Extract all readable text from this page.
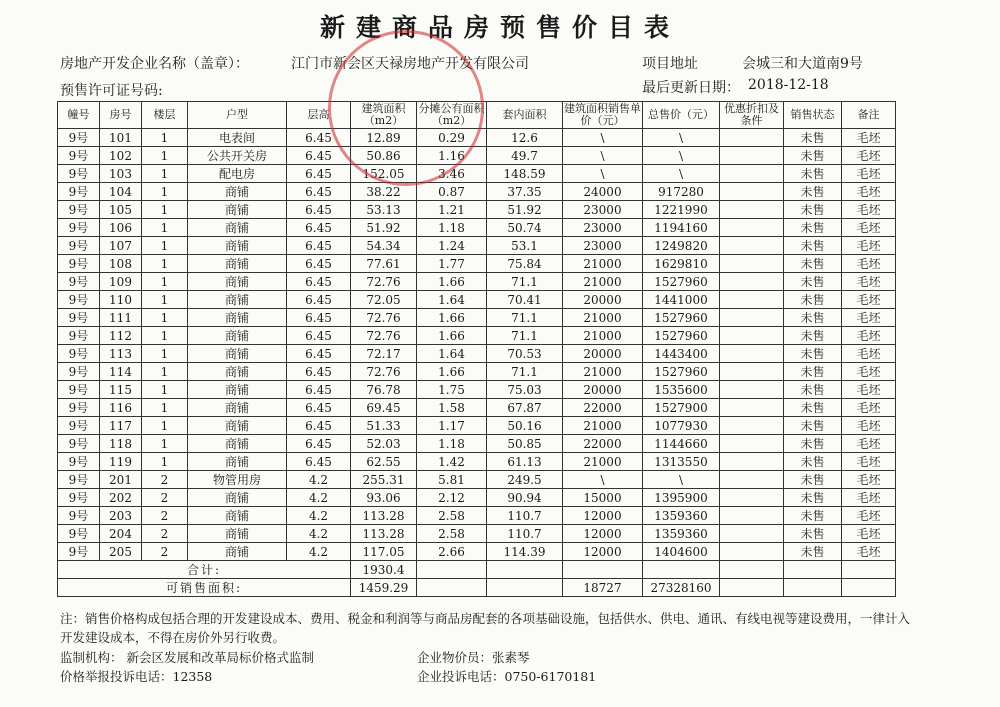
新建商品房预售价目表
房地产开发企业名称（盖章）：	江门市新会区天禄房地产开发有限公司	项目地址	会城三和大道南9号
预售许可证号码:	最后更新日期： 2018-12-18
幢号	房号	楼层	户型	层高	建筑面积（m2）	分摊公有面积（m2）	套内面积	建筑面积销售单价（元）	总售价（元）	优惠折扣及条件	销售状态	备注
9号	101	1	电表间	6.45	12.89	0.29	12.6	\	\		未售	毛坯
9号	102	1	公共开关房	6.45	50.86	1.16	49.7	\	\		未售	毛坯
9号	103	1	配电房	6.45	152.05	3.46	148.59	\	\		未售	毛坯
9号	104	1	商铺	6.45	38.22	0.87	37.35	24000	917280		未售	毛坯
9号	105	1	商铺	6.45	53.13	1.21	51.92	23000	1221990		未售	毛坯
9号	106	1	商铺	6.45	51.92	1.18	50.74	23000	1194160		未售	毛坯
9号	107	1	商铺	6.45	54.34	1.24	53.1	23000	1249820		未售	毛坯
9号	108	1	商铺	6.45	77.61	1.77	75.84	21000	1629810		未售	毛坯
9号	109	1	商铺	6.45	72.76	1.66	71.1	21000	1527960		未售	毛坯
9号	110	1	商铺	6.45	72.05	1.64	70.41	20000	1441000		未售	毛坯
9号	111	1	商铺	6.45	72.76	1.66	71.1	21000	1527960		未售	毛坯
9号	112	1	商铺	6.45	72.76	1.66	71.1	21000	1527960		未售	毛坯
9号	113	1	商铺	6.45	72.17	1.64	70.53	20000	1443400		未售	毛坯
9号	114	1	商铺	6.45	72.76	1.66	71.1	21000	1527960		未售	毛坯
9号	115	1	商铺	6.45	76.78	1.75	75.03	20000	1535600		未售	毛坯
9号	116	1	商铺	6.45	69.45	1.58	67.87	22000	1527900		未售	毛坯
9号	117	1	商铺	6.45	51.33	1.17	50.16	21000	1077930		未售	毛坯
9号	118	1	商铺	6.45	52.03	1.18	50.85	22000	1144660		未售	毛坯
9号	119	1	商铺	6.45	62.55	1.42	61.13	21000	1313550		未售	毛坯
9号	201	2	物管用房	4.2	255.31	5.81	249.5	\	\		未售	毛坯
9号	202	2	商铺	4.2	93.06	2.12	90.94	15000	1395900		未售	毛坯
9号	203	2	商铺	4.2	113.28	2.58	110.7	12000	1359360		未售	毛坯
9号	204	2	商铺	4.2	113.28	2.58	110.7	12000	1359360		未售	毛坯
9号	205	2	商铺	4.2	117.05	2.66	114.39	12000	1404600		未售	毛坯
合计:					1930.4							
可销售面积:					1459.29			18727	27328160			
注：销售价格构成包括合理的开发建设成本、费用、税金和利润等与商品房配套的各项基础设施，包括供水、供电、通讯、有线电视等建设费用，一律计入开发建设成本，不得在房价外另行收费。
监制机构： 新会区发展和改革局标价格式监制
价格举报投诉电话：12358
企业物价员：张素琴
企业投诉电话：0750-6170181
